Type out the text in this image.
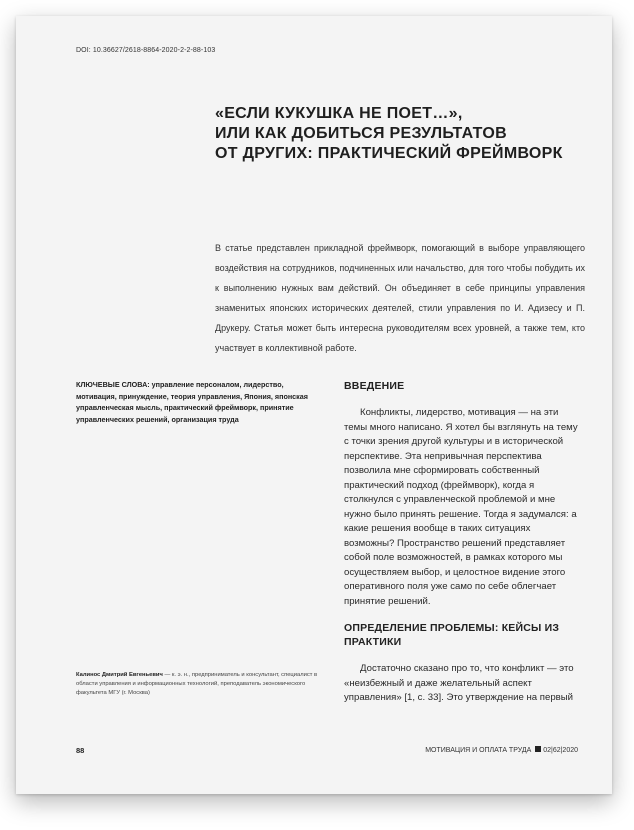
DOI: 10.36627/2618-8864-2020-2-2-88-103
«ЕСЛИ КУКУШКА НЕ ПОЕТ…»,
ИЛИ КАК ДОБИТЬСЯ РЕЗУЛЬТАТОВ
ОТ ДРУГИХ: ПРАКТИЧЕСКИЙ ФРЕЙМВОРК
В статье представлен прикладной фреймворк, помогающий в выборе управляющего воздействия на сотрудников, подчиненных или начальство, для того чтобы побудить их к выполнению нужных вам действий. Он объединяет в себе принципы управления знаменитых японских исторических деятелей, стили управления по И. Адизесу и П. Друкеру. Статья может быть интересна руководителям всех уровней, а также тем, кто участвует в коллективной работе.
КЛЮЧЕВЫЕ СЛОВА: управление персоналом, лидерство, мотивация, принуждение, теория управления, Япония, японская управленческая мысль, практический фреймворк, принятие управленческих решений, организация труда
ВВЕДЕНИЕ

Конфликты, лидерство, мотивация — на эти темы много написано. Я хотел бы взглянуть на тему с точки зрения другой культуры и в исторической перспективе. Эта непривычная перспектива позволила мне сформировать собственный практический подход (фреймворк), когда я столкнулся с управленческой проблемой и мне нужно было принять решение. Тогда я задумался: а какие решения вообще в таких ситуациях возможны? Пространство решений представляет собой поле возможностей, в рамках которого мы осуществляем выбор, и целостное видение этого оперативного поля уже само по себе облегчает принятие решений.

ОПРЕДЕЛЕНИЕ ПРОБЛЕМЫ: КЕЙСЫ ИЗ ПРАКТИКИ

Достаточно сказано про то, что конфликт — это «неизбежный и даже желательный аспект управления» [1, с. 33]. Это утверждение на первый

Калинос Дмитрий Евгеньевич — к. э. н., предприниматель и консультант, специалист в области управления и информационных технологий, преподаватель экономического факультета МГУ (г. Москва)
88	МОТИВАЦИЯ И ОПЛАТА ТРУДА 02|62|2020
